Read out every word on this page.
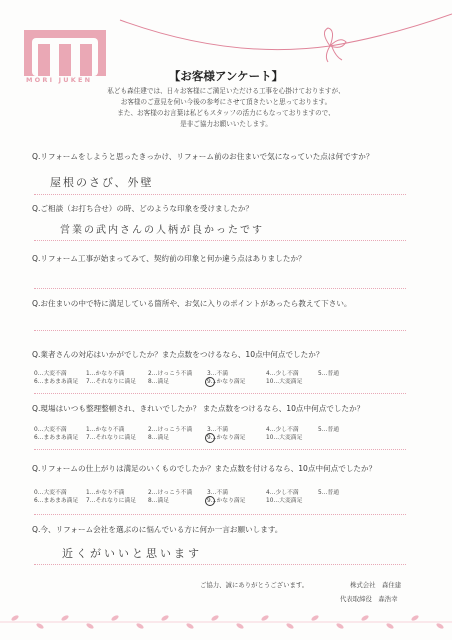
MORI JUKEN	【お客様アンケート】
私ども森住建では、日々お客様にご満足いただける工事を心掛けておりますが、
お客様のご意見を伺い今後の参考にさせて頂きたいと思っております。
また、お客様のお言葉は私どもスタッフの活力にもなっておりますので、
是非ご協力お願いいたします。
Q.リフォームをしようと思ったきっかけ、リフォーム前のお住まいで気になっていた点は何ですか？
屋根のさび、外壁
Q.ご相談（お打ち合せ）の時、どのような印象を受けましたか？
営業の武内さんの人柄が良かったです
Q.リフォーム工事が始まってみて、契約前の印象と何か違う点はありましたか？
Q.お住まいの中で特に満足している箇所や、お気に入りのポイントがあったら教えて下さい。
Q.業者さんの対応はいかがでしたか？また点数をつけるなら、10点中何点でしたか？
0…大変不満	1…かなり不満	2…けっこう不満	3…不満	4…少し不満	5…普通
6…まあまあ満足	7…それなりに満足	8…満足	9…かなり満足	10…大変満足
Q.現場はいつも整理整頓され、きれいでしたか？ また点数をつけるなら、10点中何点でしたか？
0…大変不満	1…かなり不満	2…けっこう不満	3…不満	4…少し不満	5…普通
6…まあまあ満足	7…それなりに満足	8…満足	9…かなり満足	10…大変満足
Q.リフォームの仕上がりは満足のいくものでしたか？また点数を付けるなら、10点中何点でしたか？
0…大変不満	1…かなり不満	2…けっこう不満	3…不満	4…少し不満	5…普通
6…まあまあ満足	7…それなりに満足	8…満足	9…かなり満足	10…大変満足
Q.今、リフォーム会社を選ぶのに悩んでいる方に何か一言お願いします。
近くがいいと思います
ご協力、誠にありがとうございます。	株式会社　森住建
代表取締役　森浩幸
